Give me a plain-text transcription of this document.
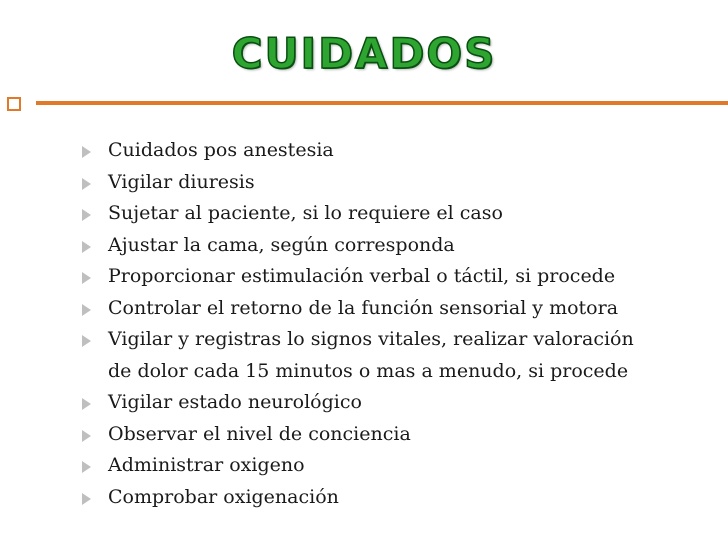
CUIDADOS
Cuidados pos anestesia
Vigilar diuresis
Sujetar al paciente, si lo requiere el caso
Ajustar la cama, según corresponda
Proporcionar estimulación verbal o táctil, si procede
Controlar el retorno de la función sensorial y motora
Vigilar y registras lo signos vitales, realizar valoración
de dolor cada 15 minutos o mas a menudo, si procede
Vigilar estado neurológico
Observar el nivel de conciencia
Administrar oxigeno
Comprobar oxigenación
